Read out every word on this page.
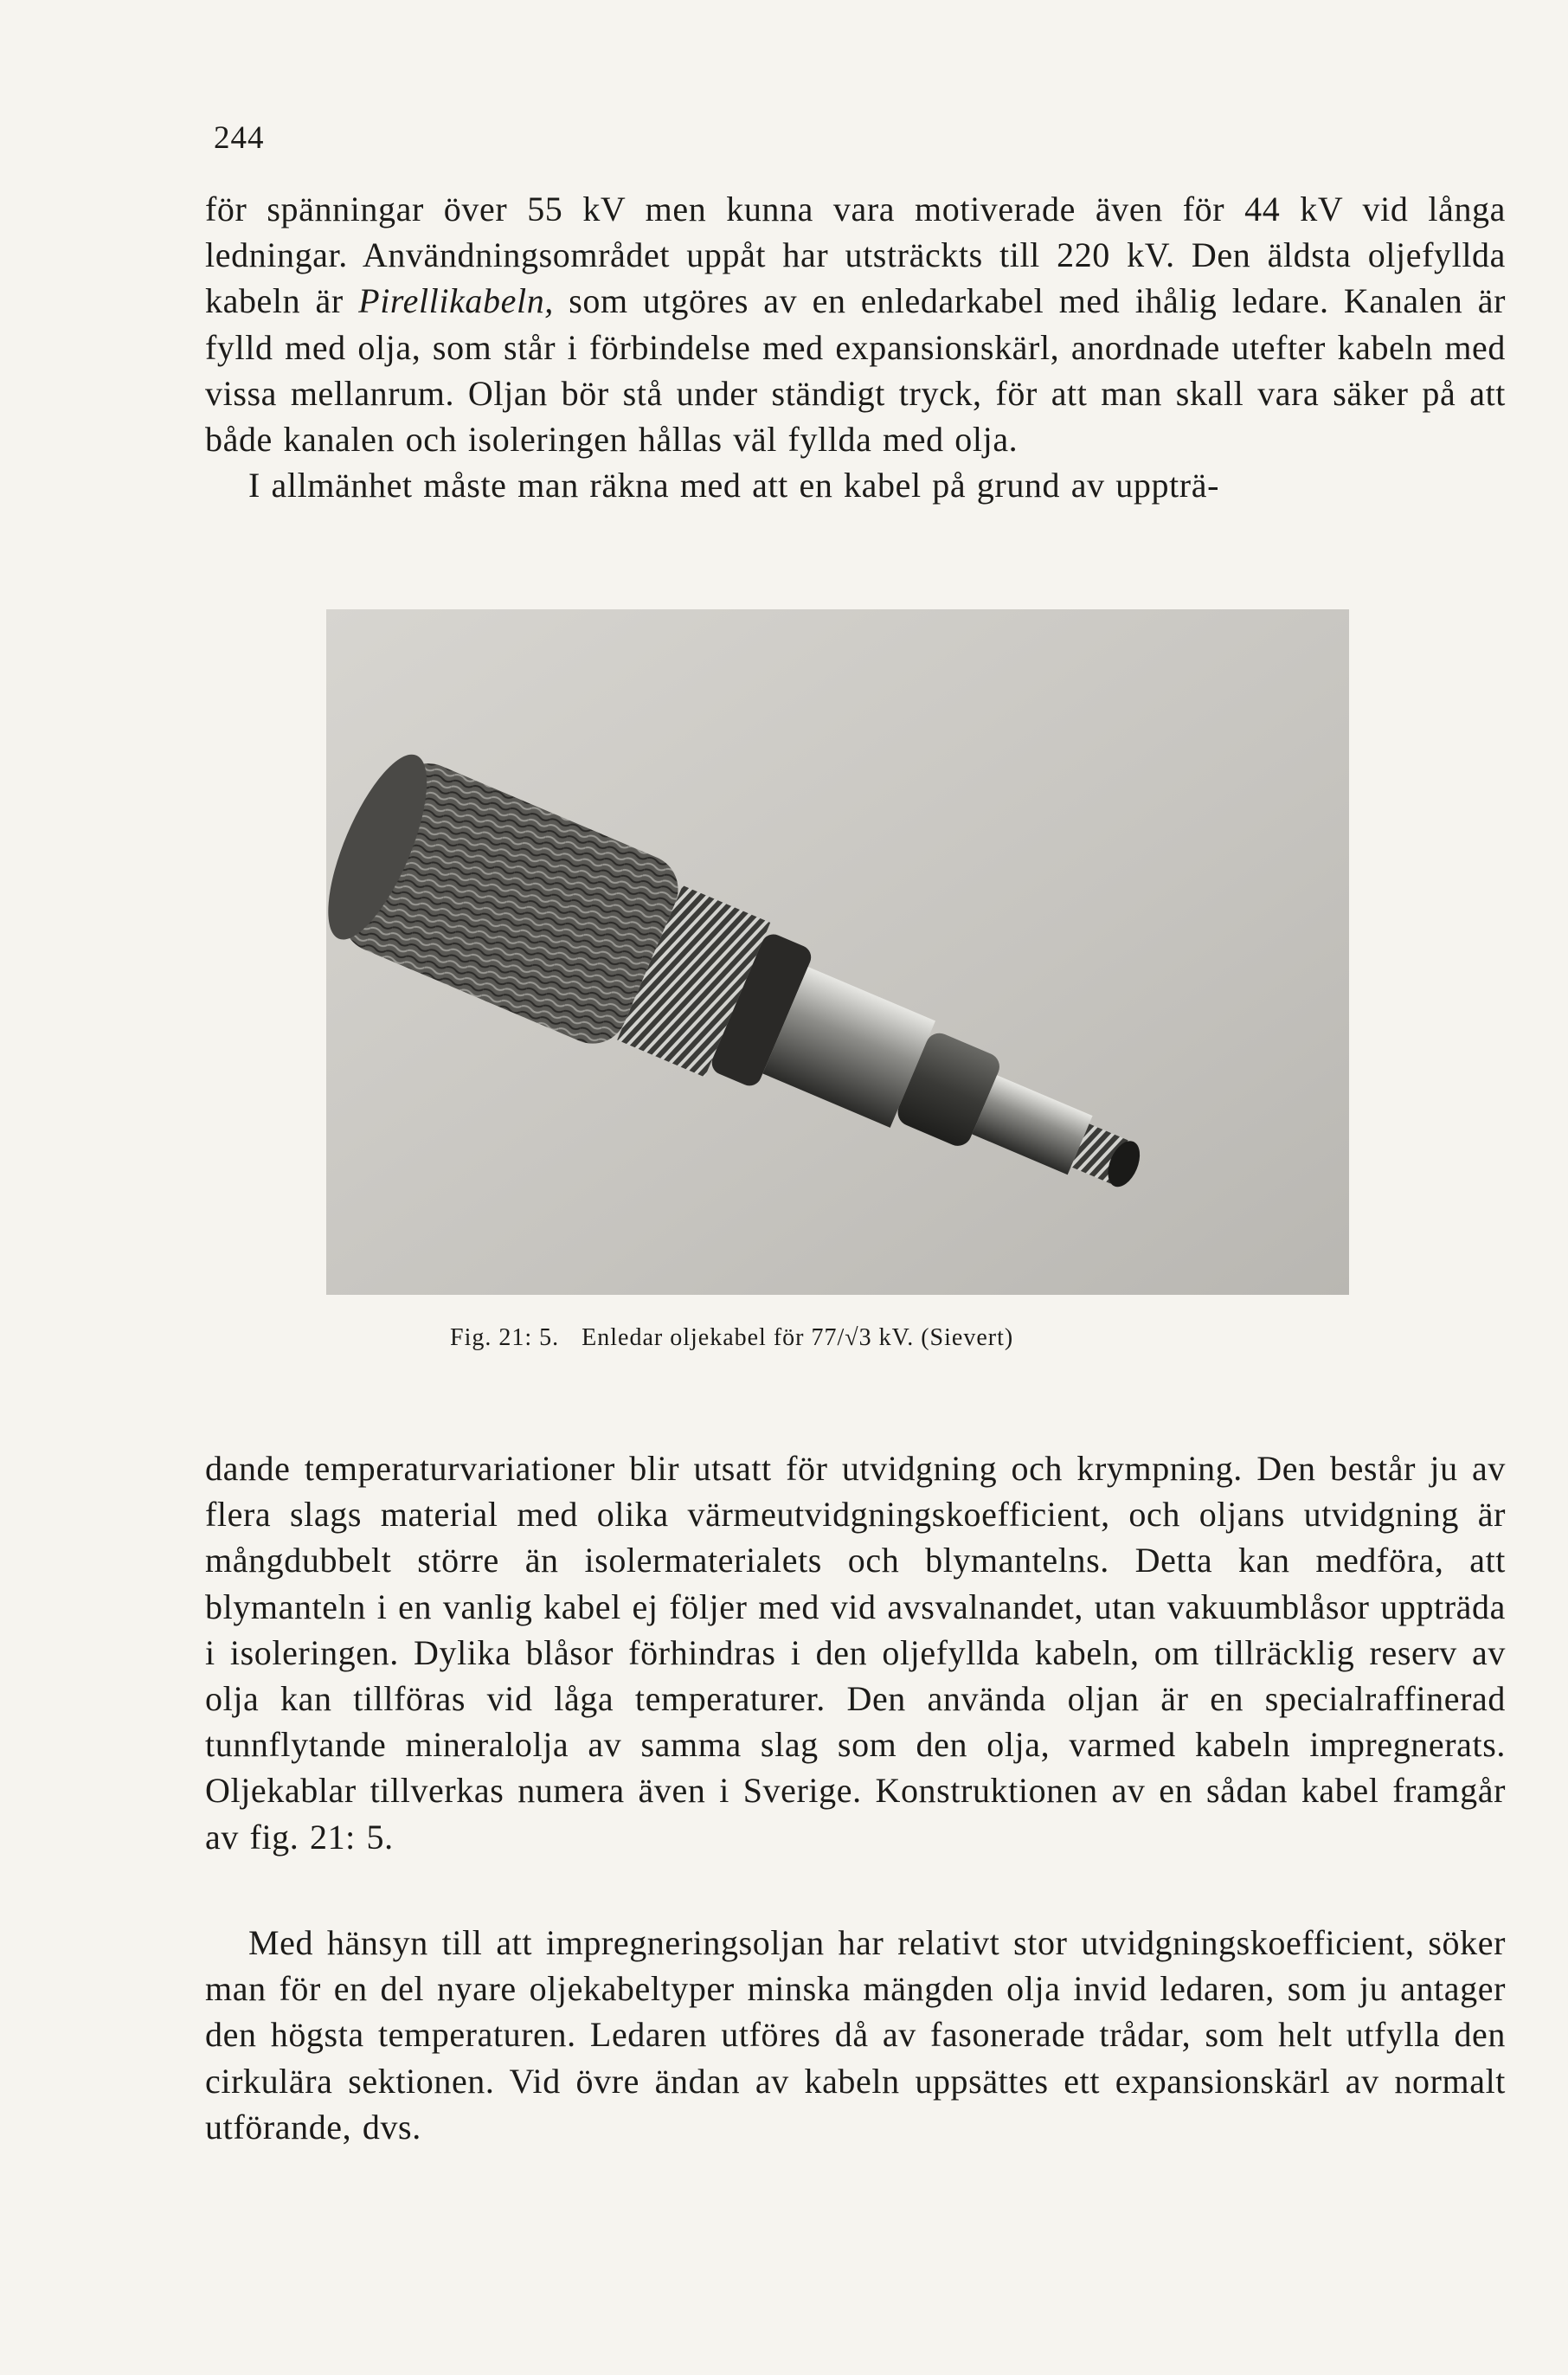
244

för spänningar över 55 kV men kunna vara motiverade även för 44 kV vid långa ledningar. Användningsområdet uppåt har utsträckts till 220 kV. Den äldsta oljefyllda kabeln är Pirellikabeln, som utgöres av en enledarkabel med ihålig ledare. Kanalen är fylld med olja, som står i förbindelse med expansionskärl, anordnade utefter kabeln med vissa mellanrum. Oljan bör stå under ständigt tryck, för att man skall vara säker på att både kanalen och isoleringen hållas väl fyllda med olja.

I allmänhet måste man räkna med att en kabel på grund av uppträ-

Fig. 21: 5. Enledar oljekabel för 77/√3 kV. (Sievert)

dande temperaturvariationer blir utsatt för utvidgning och krympning. Den består ju av flera slags material med olika värmeutvidgningskoefficient, och oljans utvidgning är mångdubbelt större än isolermaterialets och blymantelns. Detta kan medföra, att blymanteln i en vanlig kabel ej följer med vid avsvalnandet, utan vakuumblåsor uppträda i isoleringen. Dylika blåsor förhindras i den oljefyllda kabeln, om tillräcklig reserv av olja kan tillföras vid låga temperaturer. Den använda oljan är en specialraffinerad tunnflytande mineralolja av samma slag som den olja, varmed kabeln impregnerats. Oljekablar tillverkas numera även i Sverige. Konstruktionen av en sådan kabel framgår av fig. 21: 5.

Med hänsyn till att impregneringsoljan har relativt stor utvidgningskoefficient, söker man för en del nyare oljekabeltyper minska mängden olja invid ledaren, som ju antager den högsta temperaturen. Ledaren utföres då av fasonerade trådar, som helt utfylla den cirkulära sektionen. Vid övre ändan av kabeln uppsättes ett expansionskärl av normalt utförande, dvs.
